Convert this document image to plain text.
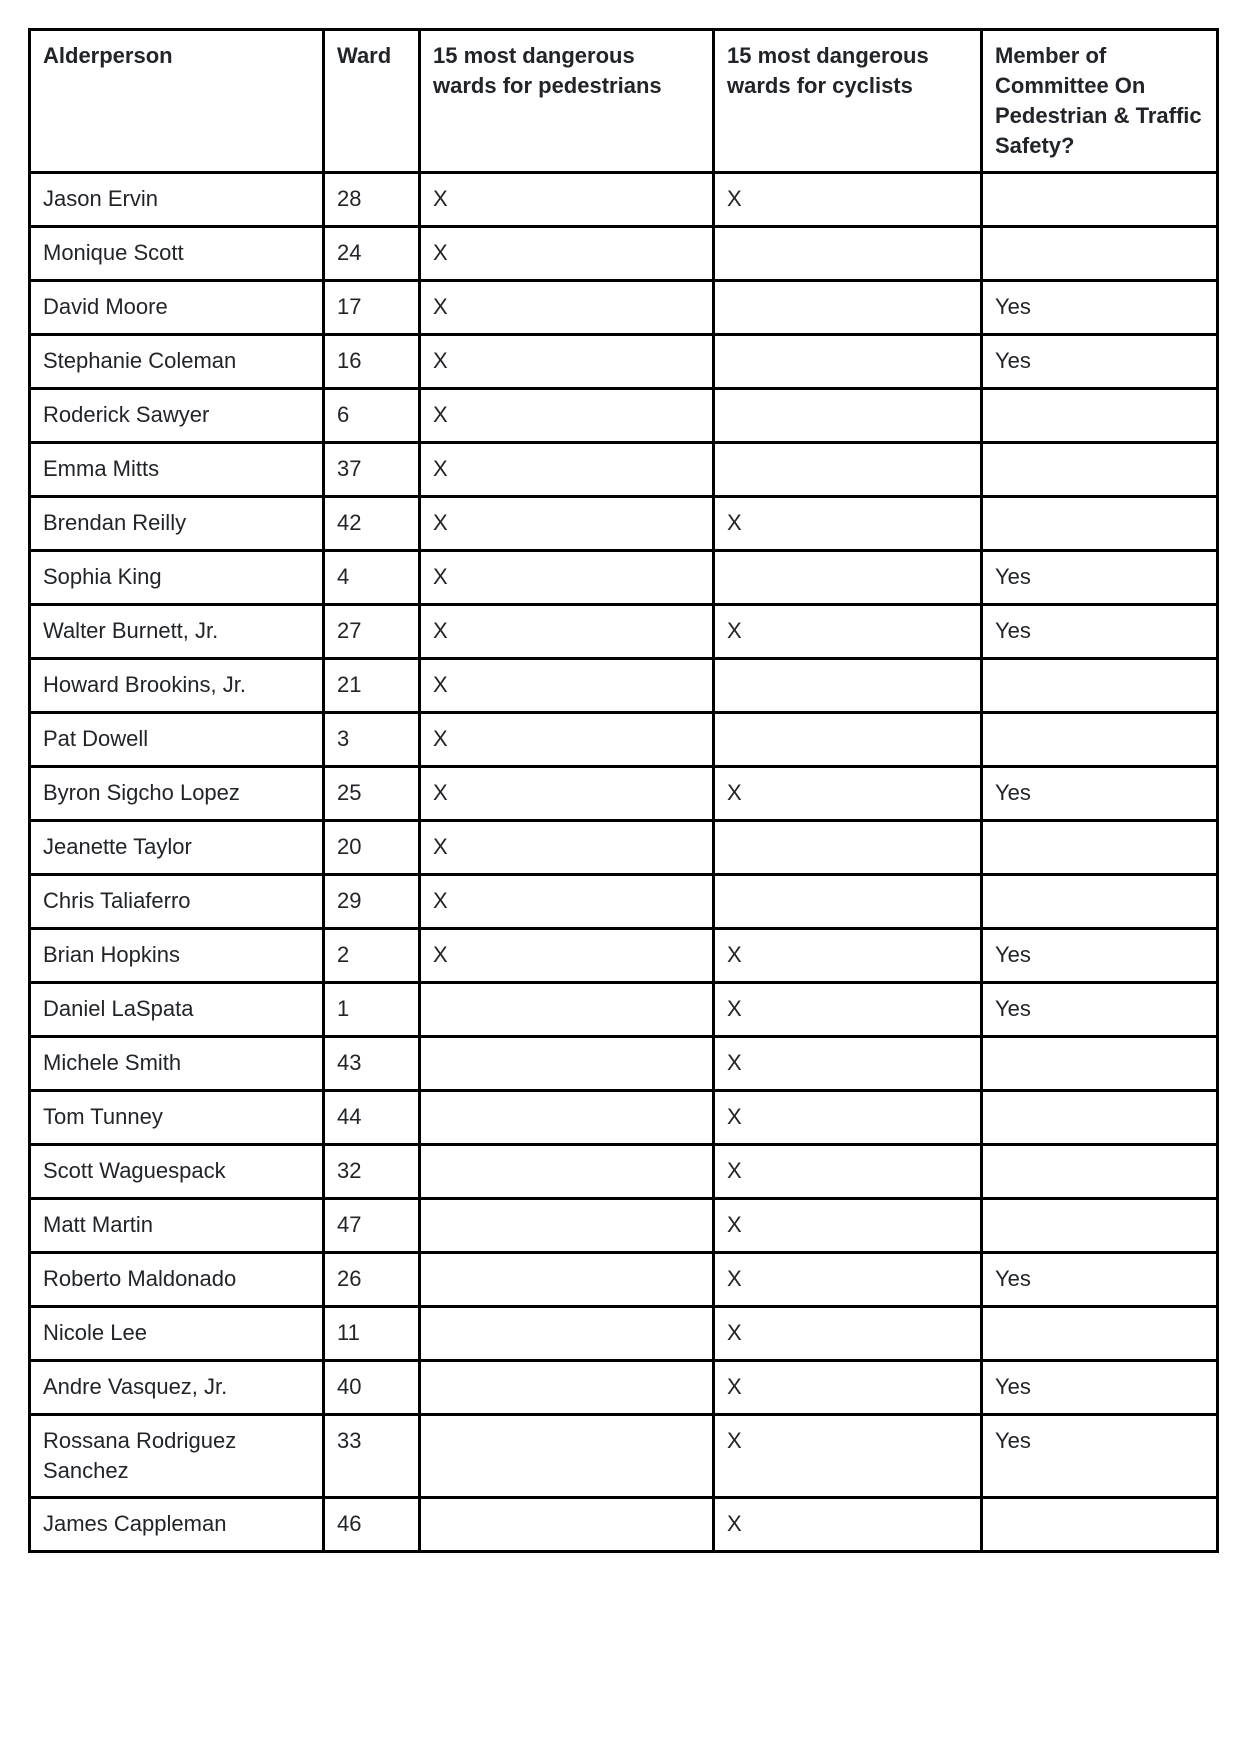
Alderperson	Ward	15 most dangerous wards for pedestrians	15 most dangerous wards for cyclists	Member of Committee On Pedestrian & Traffic Safety?
Jason Ervin	28	X	X	
Monique Scott	24	X		
David Moore	17	X		Yes
Stephanie Coleman	16	X		Yes
Roderick Sawyer	6	X		
Emma Mitts	37	X		
Brendan Reilly	42	X	X	
Sophia King	4	X		Yes
Walter Burnett, Jr.	27	X	X	Yes
Howard Brookins, Jr.	21	X		
Pat Dowell	3	X		
Byron Sigcho Lopez	25	X	X	Yes
Jeanette Taylor	20	X		
Chris Taliaferro	29	X		
Brian Hopkins	2	X	X	Yes
Daniel LaSpata	1		X	Yes
Michele Smith	43		X	
Tom Tunney	44		X	
Scott Waguespack	32		X	
Matt Martin	47		X	
Roberto Maldonado	26		X	Yes
Nicole Lee	11		X	
Andre Vasquez, Jr.	40		X	Yes
Rossana Rodriguez Sanchez	33		X	Yes
James Cappleman	46		X	
